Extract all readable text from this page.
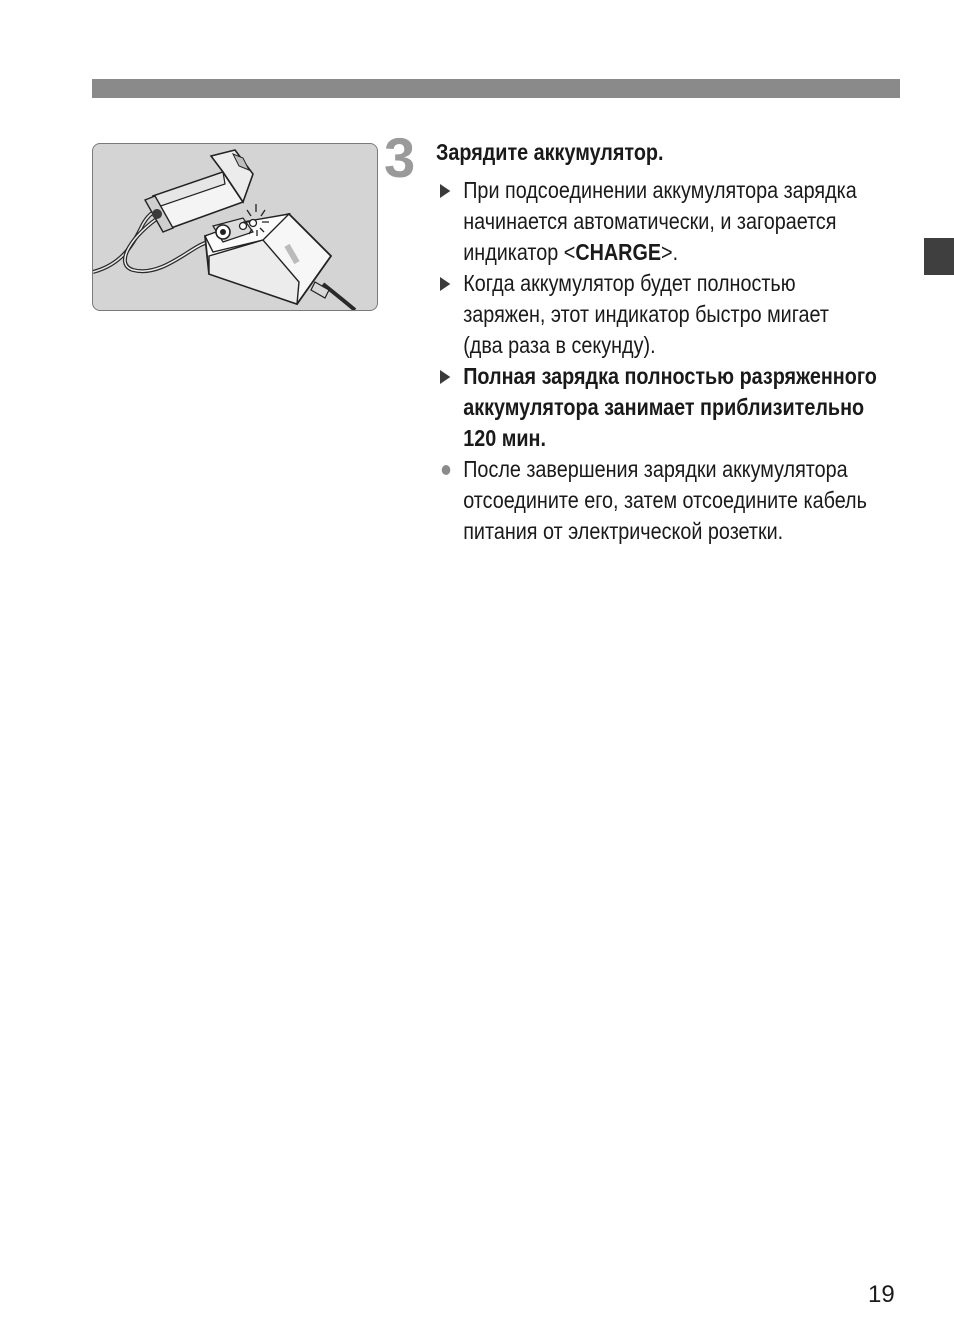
3 Зарядите аккумулятор.
При подсоединении аккумулятора зарядка
начинается автоматически, и загорается
индикатор <CHARGE>.
Когда аккумулятор будет полностью
заряжен, этот индикатор быстро мигает
(два раза в секунду).
Полная зарядка полностью разряженного
аккумулятора занимает приблизительно
120 мин.
После завершения зарядки аккумулятора
отсоедините его, затем отсоедините кабель
питания от электрической розетки.
19
